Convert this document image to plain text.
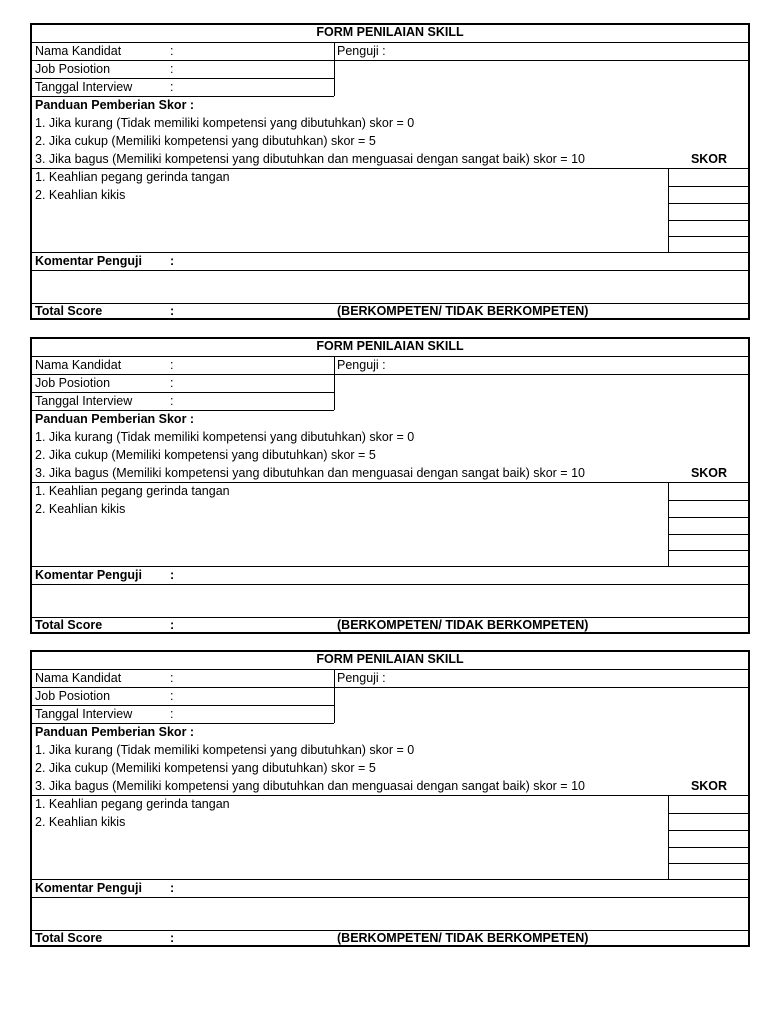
FORM PENILAIAN SKILL
Nama Kandidat	:	Penguji :
Job Posiotion	:
Tanggal Interview	:
Panduan Pemberian Skor :
1. Jika kurang (Tidak memiliki kompetensi yang dibutuhkan) skor = 0
2. Jika cukup (Memiliki kompetensi yang dibutuhkan) skor = 5
3. Jika bagus (Memiliki kompetensi yang dibutuhkan dan menguasai dengan sangat baik) skor = 10	SKOR
1. Keahlian pegang gerinda tangan
2. Keahlian kikis
Komentar Penguji :
Total Score	:	(BERKOMPETEN/ TIDAK BERKOMPETEN)
FORM PENILAIAN SKILL
Nama Kandidat	:	Penguji :
Job Posiotion	:
Tanggal Interview	:
Panduan Pemberian Skor :
1. Jika kurang (Tidak memiliki kompetensi yang dibutuhkan) skor = 0
2. Jika cukup (Memiliki kompetensi yang dibutuhkan) skor = 5
3. Jika bagus (Memiliki kompetensi yang dibutuhkan dan menguasai dengan sangat baik) skor = 10	SKOR
1. Keahlian pegang gerinda tangan
2. Keahlian kikis
Komentar Penguji :
Total Score	:	(BERKOMPETEN/ TIDAK BERKOMPETEN)
FORM PENILAIAN SKILL
Nama Kandidat	:	Penguji :
Job Posiotion	:
Tanggal Interview	:
Panduan Pemberian Skor :
1. Jika kurang (Tidak memiliki kompetensi yang dibutuhkan) skor = 0
2. Jika cukup (Memiliki kompetensi yang dibutuhkan) skor = 5
3. Jika bagus (Memiliki kompetensi yang dibutuhkan dan menguasai dengan sangat baik) skor = 10	SKOR
1. Keahlian pegang gerinda tangan
2. Keahlian kikis
Komentar Penguji :
Total Score	:	(BERKOMPETEN/ TIDAK BERKOMPETEN)
